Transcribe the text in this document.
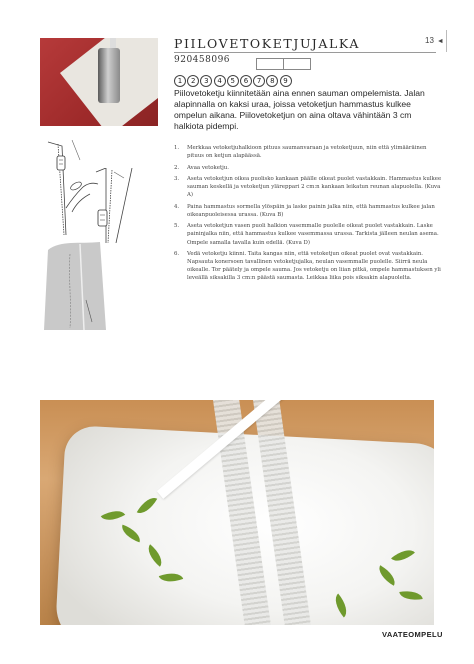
13 ◄
PIILOVETOKETJUJALKA
920458096
1 2 3 4 5 6 7 8 9
Piilovetoketju kiinnitetään aina ennen sauman ompelemista. Jalan alapinnalla on kaksi uraa, joissa vetoketjun hammastus kulkee ompelun aikana. Piilovetoketjun on aina oltava vähintään 3 cm halkiota pidempi.
1. Merkkaa vetoketjuhalkioon pituus saumanvaraan ja vetoketjuun, niin että ylimääräinen pituus on ketjun alapäässä.
2. Avaa vetoketju.
3. Aseta vetoketjun oikea puolisko kankaan päälle oikeat puolet vastakkain. Hammastus kulkee sauman keskellä ja vetoketjun yläreppari 2 cm:n kankaan leikatun reunan alapuolella. (Kuva A)
4. Paina hammastus sormella ylöspäin ja laske painin jalka niin, että hammastus kulkee jalan oikeanpuoleisessa urassa. (Kuva B)
5. Aseta vetoketjun vasen puoli halkion vasemmalle puolelle oikeat puolet vastakkain. Laske paininjalka niin, että hammastus kulkee vasemmassa urassa. Tarkista jälleen neulan asema. Ompele samalla tavalla kuin edellä. (Kuva D)
6. Vedä vetoketju kiinni. Taita kangas niin, että vetoketjun oikeat puolet ovat vastakkain. Napsauta konersoen tavallinen vetoketjujalka, neulan vasemmalle puolelle. Siirrä neula oikealle. Tor päätely ja ompele sauma. Jos vetoketju on liian pitkä, ompele hammastuksen yli leveällä siksakilla 3 cm:n päästä saumasta. Leikkaa liika pois siksakin alapuolelta.
VAATEOMPELU
